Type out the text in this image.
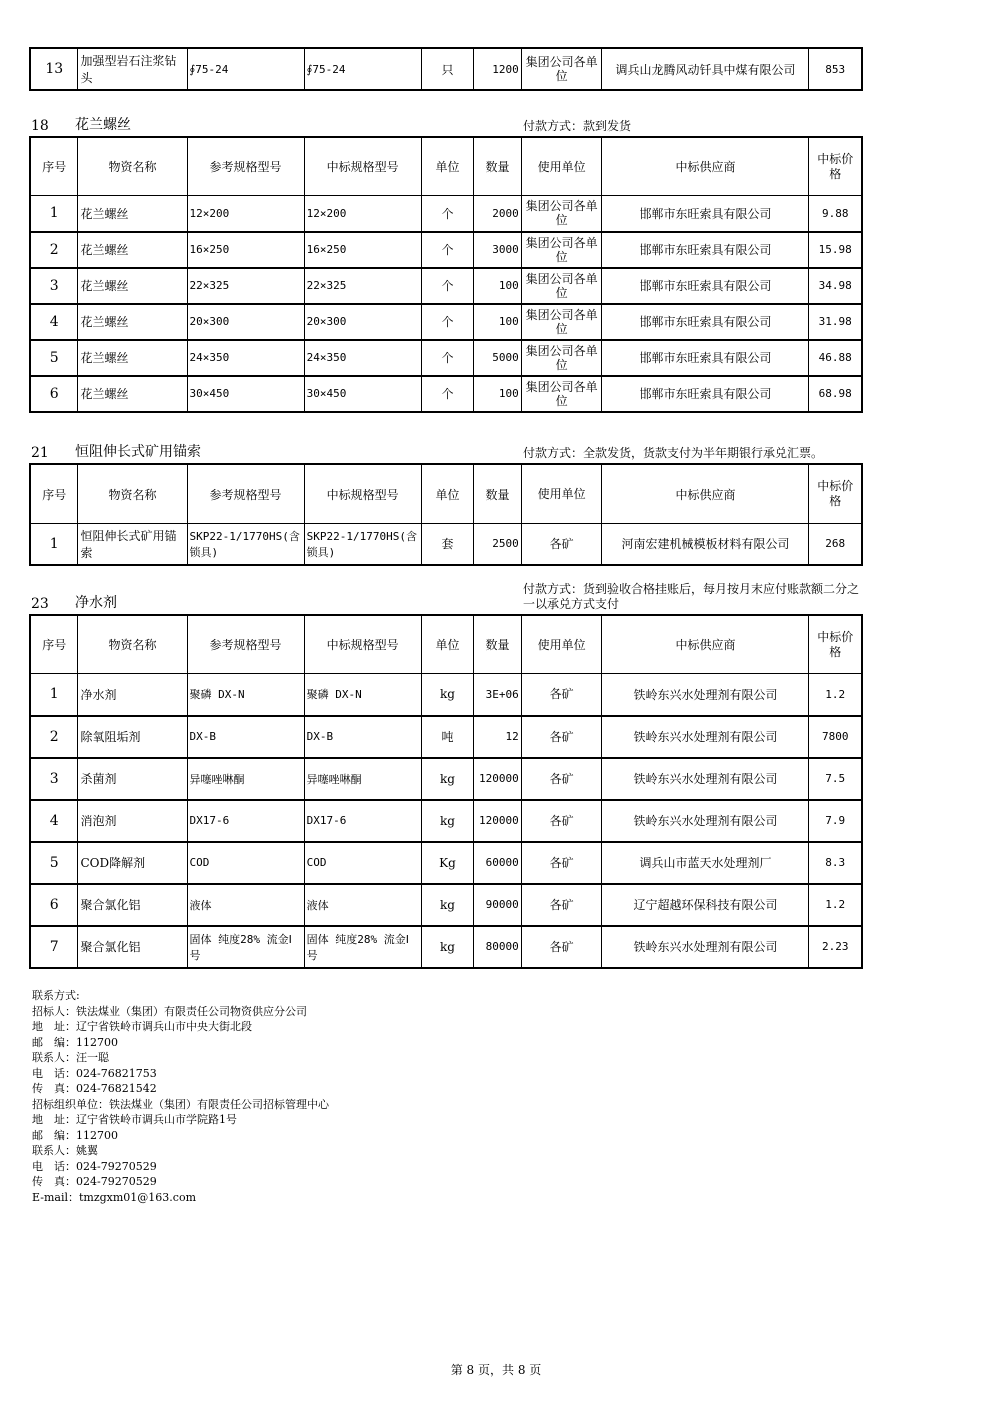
13	加强型岩石注浆钻头	∮75-24	∮75-24	只	1200	集团公司各单位	调兵山龙腾风动钎具中煤有限公司	853
18 花兰螺丝	付款方式：款到发货
序号	物资名称	参考规格型号	中标规格型号	单位	数量	使用单位	中标供应商	中标价格
1	花兰螺丝	12×200	12×200	个	2000	集团公司各单位	邯郸市东旺索具有限公司	9.88
2	花兰螺丝	16×250	16×250	个	3000	集团公司各单位	邯郸市东旺索具有限公司	15.98
3	花兰螺丝	22×325	22×325	个	100	集团公司各单位	邯郸市东旺索具有限公司	34.98
4	花兰螺丝	20×300	20×300	个	100	集团公司各单位	邯郸市东旺索具有限公司	31.98
5	花兰螺丝	24×350	24×350	个	5000	集团公司各单位	邯郸市东旺索具有限公司	46.88
6	花兰螺丝	30×450	30×450	个	100	集团公司各单位	邯郸市东旺索具有限公司	68.98
21 恒阻伸长式矿用锚索	付款方式：全款发货，货款支付为半年期银行承兑汇票。
序号	物资名称	参考规格型号	中标规格型号	单位	数量	使用单位	中标供应商	中标价格
1	恒阻伸长式矿用锚索	SKP22-1/1770HS(含锁具)	SKP22-1/1770HS(含锁具)	套	2500	各矿	河南宏建机械模板材料有限公司	268
23 净水剂
付款方式：货到验收合格挂账后，每月按月末应付账款额二分之一以承兑方式支付
序号	物资名称	参考规格型号	中标规格型号	单位	数量	使用单位	中标供应商	中标价格
1	净水剂	聚磷 DX-N	聚磷 DX-N	kg	3E+06	各矿	铁岭东兴水处理剂有限公司	1.2
2	除氧阻垢剂	DX-B	DX-B	吨	12	各矿	铁岭东兴水处理剂有限公司	7800
3	杀菌剂	异噻唑啉酮	异噻唑啉酮	kg	120000	各矿	铁岭东兴水处理剂有限公司	7.5
4	消泡剂	DX17-6	DX17-6	kg	120000	各矿	铁岭东兴水处理剂有限公司	7.9
5	COD降解剂	COD	COD	Kg	60000	各矿	调兵山市蓝天水处理剂厂	8.3
6	聚合氯化铝	液体	液体	kg	90000	各矿	辽宁超越环保科技有限公司	1.2
7	聚合氯化铝	固体 纯度28% 流金Ⅰ号	固体 纯度28% 流金Ⅰ号	kg	80000	各矿	铁岭东兴水处理剂有限公司	2.23
联系方式:
招标人：铁法煤业（集团）有限责任公司物资供应分公司
地　址：辽宁省铁岭市调兵山市中央大街北段
邮　编：112700
联系人：汪一聪
电　话：024-76821753
传　真：024-76821542
招标组织单位：铁法煤业（集团）有限责任公司招标管理中心
地　址：辽宁省铁岭市调兵山市学院路1号
邮　编：112700
联系人：姚翼
电　话：024-79270529
传　真：024-79270529
E-mail：tmzgxm01@163.com
第 8 页，共 8 页
